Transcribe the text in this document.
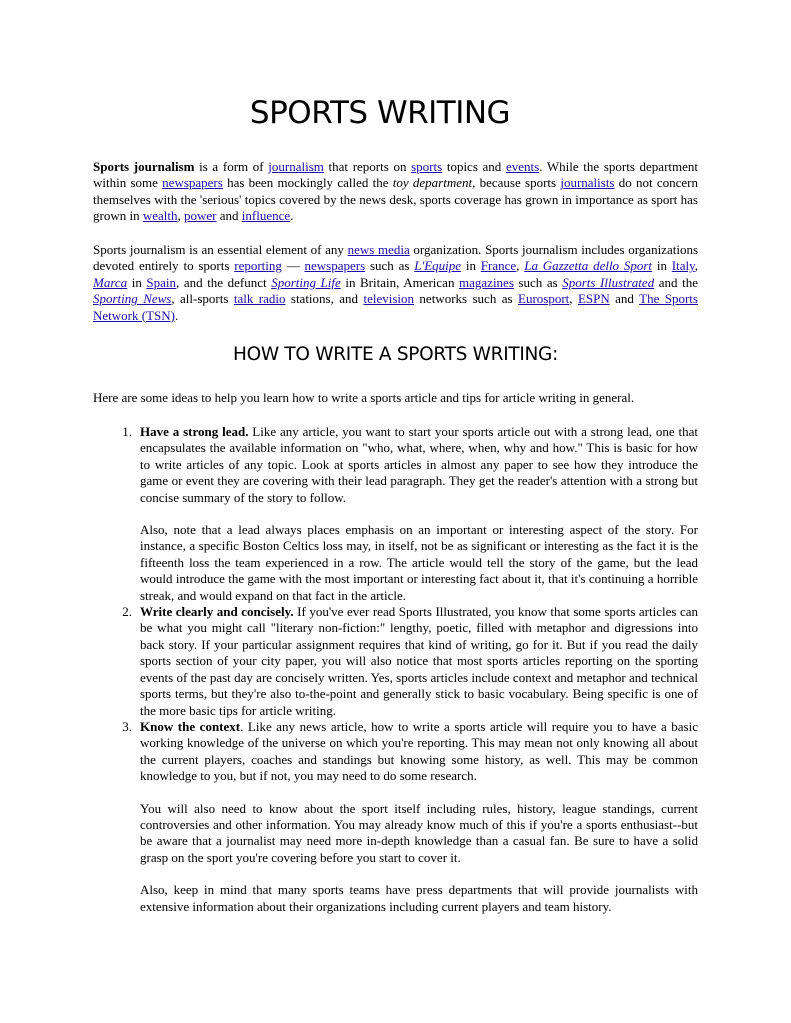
SPORTS WRITING

Sports journalism is a form of journalism that reports on sports topics and events. While the sports department within some newspapers has been mockingly called the toy department, because sports journalists do not concern themselves with the 'serious' topics covered by the news desk, sports coverage has grown in importance as sport has grown in wealth, power and influence.

Sports journalism is an essential element of any news media organization. Sports journalism includes organizations devoted entirely to sports reporting — newspapers such as L'Equipe in France, La Gazzetta dello Sport in Italy, Marca in Spain, and the defunct Sporting Life in Britain, American magazines such as Sports Illustrated and the Sporting News, all-sports talk radio stations, and television networks such as Eurosport, ESPN and The Sports Network (TSN).

HOW TO WRITE A SPORTS WRITING:

Here are some ideas to help you learn how to write a sports article and tips for article writing in general.

1. Have a strong lead. Like any article, you want to start your sports article out with a strong lead, one that encapsulates the available information on "who, what, where, when, why and how." This is basic for how to write articles of any topic. Look at sports articles in almost any paper to see how they introduce the game or event they are covering with their lead paragraph. They get the reader's attention with a strong but concise summary of the story to follow.

Also, note that a lead always places emphasis on an important or interesting aspect of the story. For instance, a specific Boston Celtics loss may, in itself, not be as significant or interesting as the fact it is the fifteenth loss the team experienced in a row. The article would tell the story of the game, but the lead would introduce the game with the most important or interesting fact about it, that it's continuing a horrible streak, and would expand on that fact in the article.

2. Write clearly and concisely. If you've ever read Sports Illustrated, you know that some sports articles can be what you might call "literary non-fiction:" lengthy, poetic, filled with metaphor and digressions into back story. If your particular assignment requires that kind of writing, go for it. But if you read the daily sports section of your city paper, you will also notice that most sports articles reporting on the sporting events of the past day are concisely written. Yes, sports articles include context and metaphor and technical sports terms, but they're also to-the-point and generally stick to basic vocabulary. Being specific is one of the more basic tips for article writing.

3. Know the context. Like any news article, how to write a sports article will require you to have a basic working knowledge of the universe on which you're reporting. This may mean not only knowing all about the current players, coaches and standings but knowing some history, as well. This may be common knowledge to you, but if not, you may need to do some research.

You will also need to know about the sport itself including rules, history, league standings, current controversies and other information. You may already know much of this if you're a sports enthusiast--but be aware that a journalist may need more in-depth knowledge than a casual fan. Be sure to have a solid grasp on the sport you're covering before you start to cover it.

Also, keep in mind that many sports teams have press departments that will provide journalists with extensive information about their organizations including current players and team history.
